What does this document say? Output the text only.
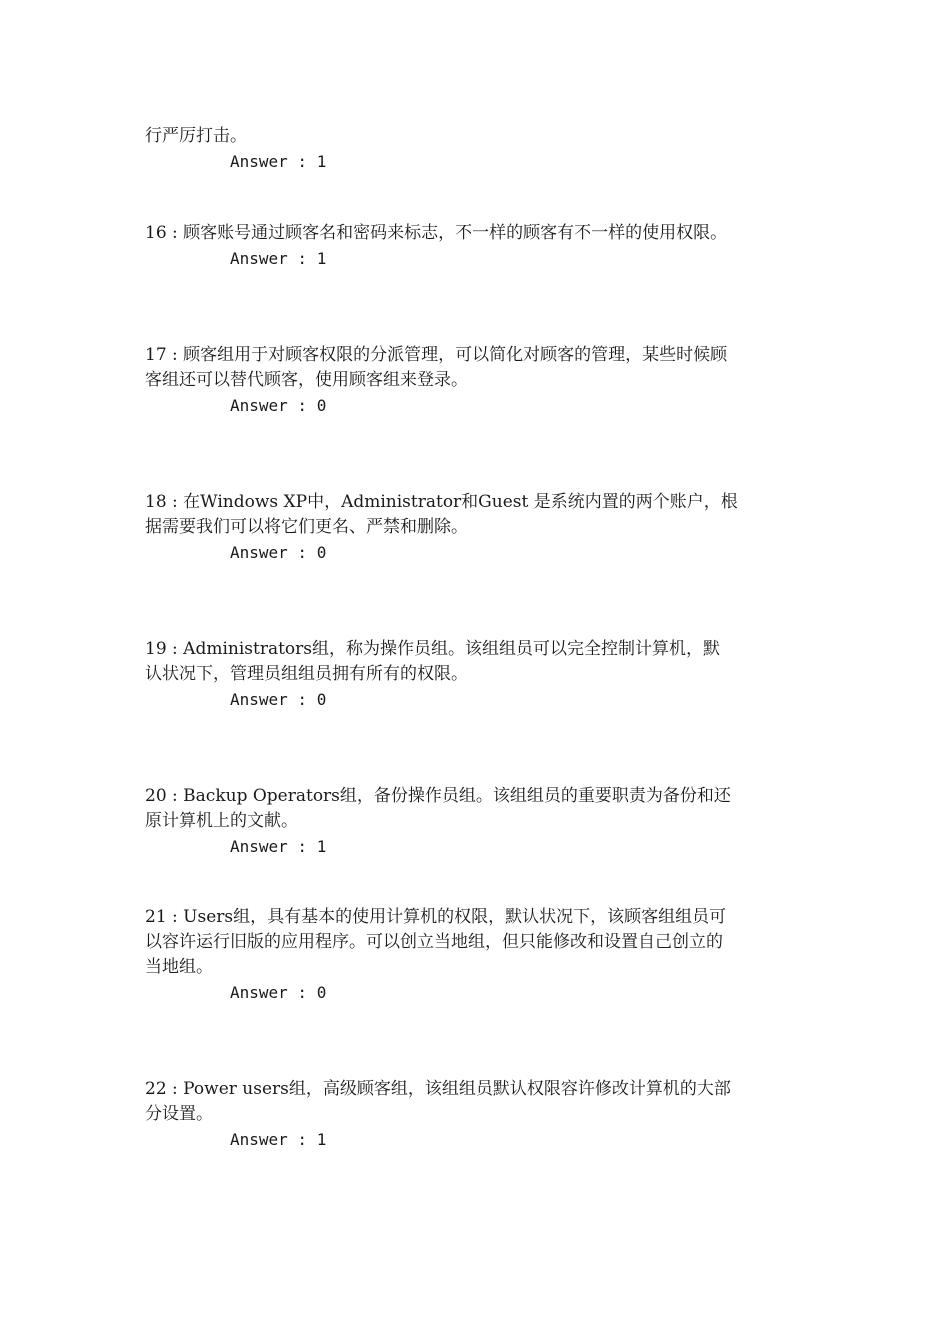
行严厉打击。
Answer : 1
16 : 顾客账号通过顾客名和密码来标志，不一样的顾客有不一样的使用权限。
Answer : 1
17 : 顾客组用于对顾客权限的分派管理，可以简化对顾客的管理，某些时候顾
客组还可以替代顾客，使用顾客组来登录。
Answer : 0
18 : 在Windows XP中，Administrator和Guest 是系统内置的两个账户，根
据需要我们可以将它们更名、严禁和删除。
Answer : 0
19 : Administrators组，称为操作员组。该组组员可以完全控制计算机，默
认状况下，管理员组组员拥有所有的权限。
Answer : 0
20 : Backup Operators组，备份操作员组。该组组员的重要职责为备份和还
原计算机上的文献。
Answer : 1
21 : Users组，具有基本的使用计算机的权限，默认状况下，该顾客组组员可
以容许运行旧版的应用程序。可以创立当地组，但只能修改和设置自己创立的
当地组。
Answer : 0
22 : Power users组，高级顾客组，该组组员默认权限容许修改计算机的大部
分设置。
Answer : 1
